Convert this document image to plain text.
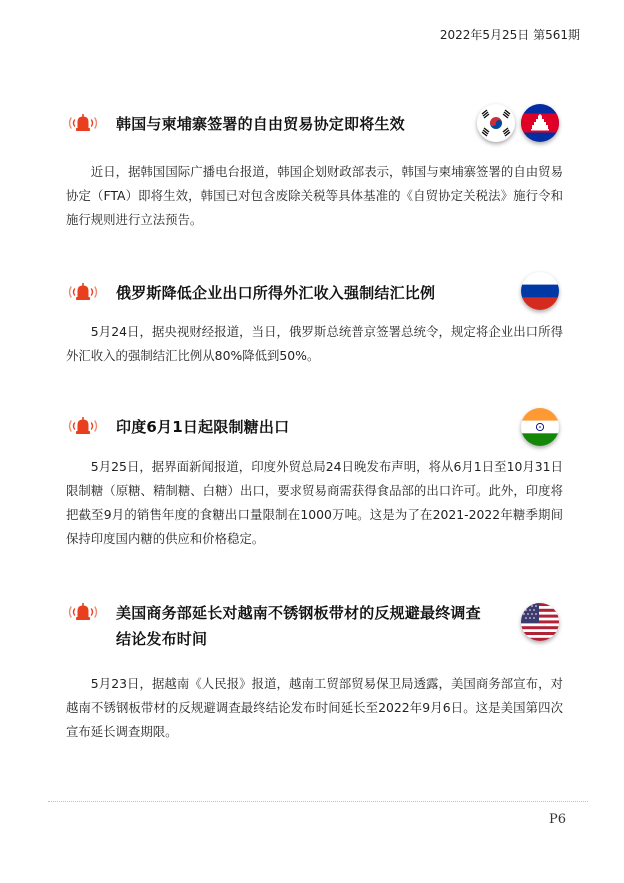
2022年5月25日 第561期
韩国与柬埔寨签署的自由贸易协定即将生效
近日，据韩国国际广播电台报道，韩国企划财政部表示，韩国与柬埔寨签署的自由贸易协定（FTA）即将生效，韩国已对包含废除关税等具体基准的《自贸协定关税法》施行令和施行规则进行立法预告。
俄罗斯降低企业出口所得外汇收入强制结汇比例
5月24日，据央视财经报道，当日，俄罗斯总统普京签署总统令，规定将企业出口所得外汇收入的强制结汇比例从80%降低到50%。
印度6月1日起限制糖出口
5月25日，据界面新闻报道，印度外贸总局24日晚发布声明，将从6月1日至10月31日限制糖（原糖、精制糖、白糖）出口，要求贸易商需获得食品部的出口许可。此外，印度将把截至9月的销售年度的食糖出口量限制在1000万吨。这是为了在2021-2022年糖季期间保持印度国内糖的供应和价格稳定。
美国商务部延长对越南不锈钢板带材的反规避最终调查
结论发布时间
5月23日，据越南《人民报》报道，越南工贸部贸易保卫局透露，美国商务部宣布，对越南不锈钢板带材的反规避调查最终结论发布时间延长至2022年9月6日。这是美国第四次宣布延长调查期限。
P6
